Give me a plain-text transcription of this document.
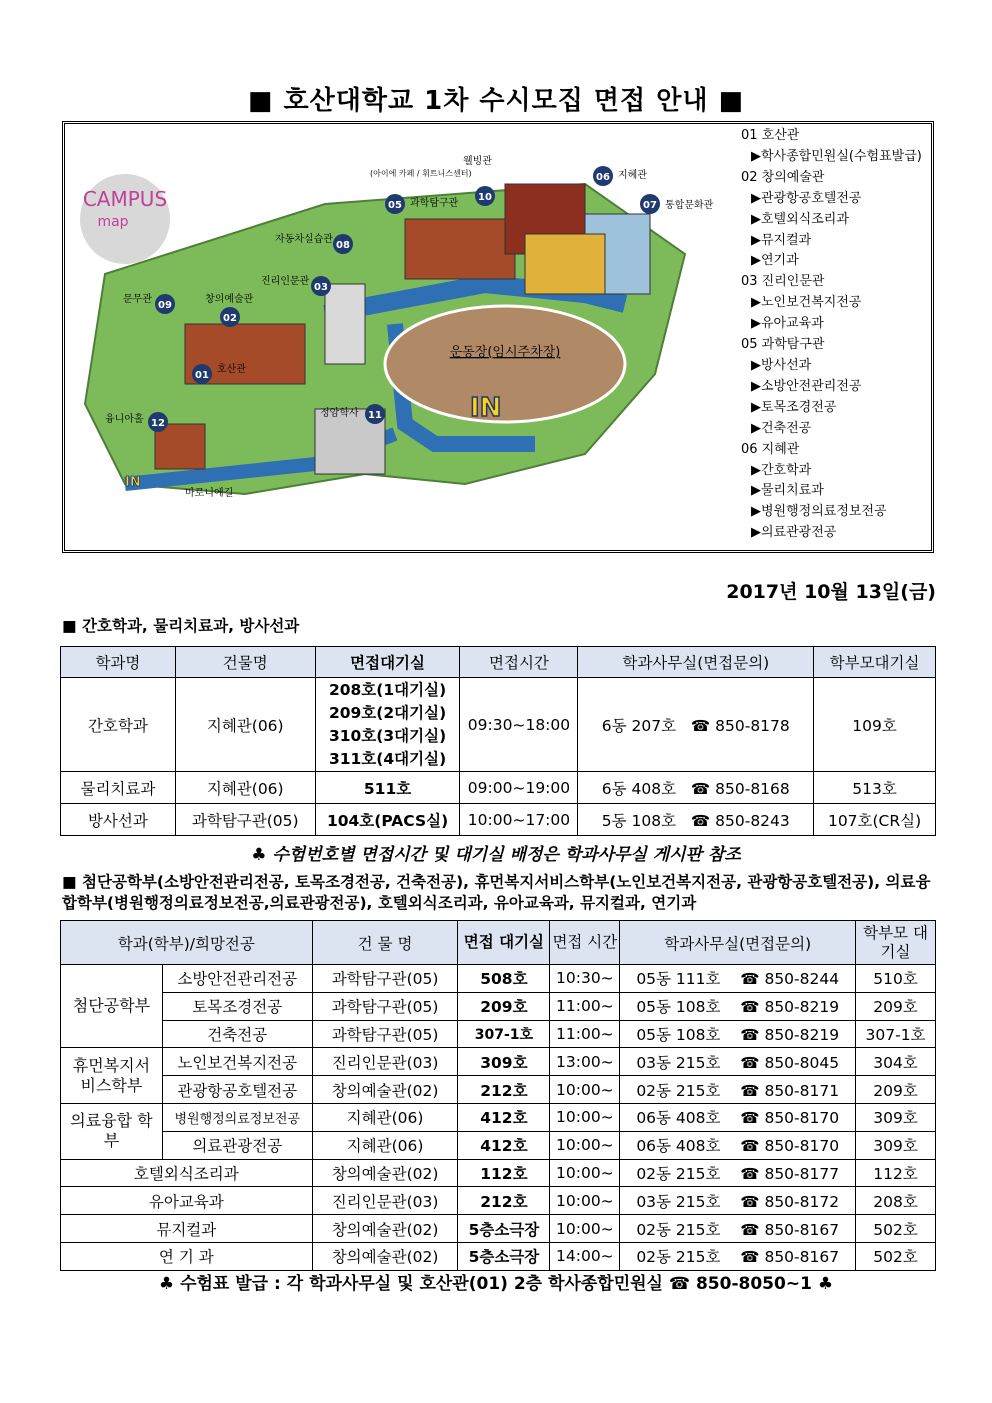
■ 호산대학교 1차 수시모집 면접 안내 ■
운동장(임시주차장)
IN
IN
마로니에길
CAMPUS
map
01
호산관
02
창의예술관
03
진리인문관
05 과학탐구관
06 지혜관
07 통합문화관
08
자동차실습관
09
문무관
10
웰빙관
(아이에 카페 / 휘트니스센터)
11
정암학사
12
융니아홀
01 호산관
▶학사종합민원실(수험표발급)
02 창의예술관
▶관광항공호텔전공
▶호텔외식조리과
▶뮤지컬과
▶연기과
03 진리인문관
▶노인보건복지전공
▶유아교육과
05 과학탐구관
▶방사선과
▶소방안전관리전공
▶토목조경전공
▶건축전공
06 지혜관
▶간호학과
▶물리치료과
▶병원행정의료정보전공
▶의료관광전공
2017년 10월 13일(금)
■ 간호학과, 물리치료과, 방사선과
학과명	건물명	면접대기실	면접시간	학과사무실(면접문의)	학부모대기실
간호학과	지혜관(06)	208호(1대기실)
209호(2대기실)
310호(3대기실)
311호(4대기실)	09:30~18:00	6동 207호 ☎ 850-8178	109호
물리치료과	지혜관(06)	511호	09:00~19:00	6동 408호 ☎ 850-8168	513호
방사선과	과학탐구관(05)	104호(PACS실)	10:00~17:00	5동 108호 ☎ 850-8243	107호(CR실)
♣ 수험번호별 면접시간 및 대기실 배정은 학과사무실 게시판 참조
■ 첨단공학부(소방안전관리전공, 토목조경전공, 건축전공), 휴먼복지서비스학부(노인보건복지전공, 관광항공호텔전공), 의료융합학부(병원행정의료정보전공,의료관광전공), 호텔외식조리과, 유아교육과, 뮤지컬과, 연기과
학과(학부)/희망전공		건 물 명	면접 대기실	면접 시간	학과사무실(면접문의)	학부모 대기실
첨단공학부	소방안전관리전공	과학탐구관(05)	508호	10:30~	05동 111호 ☎ 850-8244	510호
	토목조경전공	과학탐구관(05)	209호	11:00~	05동 108호 ☎ 850-8219	209호
	건축전공	과학탐구관(05)	307-1호	11:00~	05동 108호 ☎ 850-8219	307-1호
휴먼복지서 비스학부	노인보건복지전공	진리인문관(03)	309호	13:00~	03동 215호 ☎ 850-8045	304호
	관광항공호텔전공	창의예술관(02)	212호	10:00~	02동 215호 ☎ 850-8171	209호
의료융합 학부	병원행정의료정보전공	지혜관(06)	412호	10:00~	06동 408호 ☎ 850-8170	309호
	의료관광전공	지혜관(06)	412호	10:00~	06동 408호 ☎ 850-8170	309호
호텔외식조리과		창의예술관(02)	112호	10:00~	02동 215호 ☎ 850-8177	112호
유아교육과		진리인문관(03)	212호	10:00~	03동 215호 ☎ 850-8172	208호
뮤지컬과		창의예술관(02)	5층소극장	10:00~	02동 215호 ☎ 850-8167	502호
연 기 과		창의예술관(02)	5층소극장	14:00~	02동 215호 ☎ 850-8167	502호
♣ 수험표 발급 : 각 학과사무실 및 호산관(01) 2층 학사종합민원실 ☎ 850-8050~1 ♣
